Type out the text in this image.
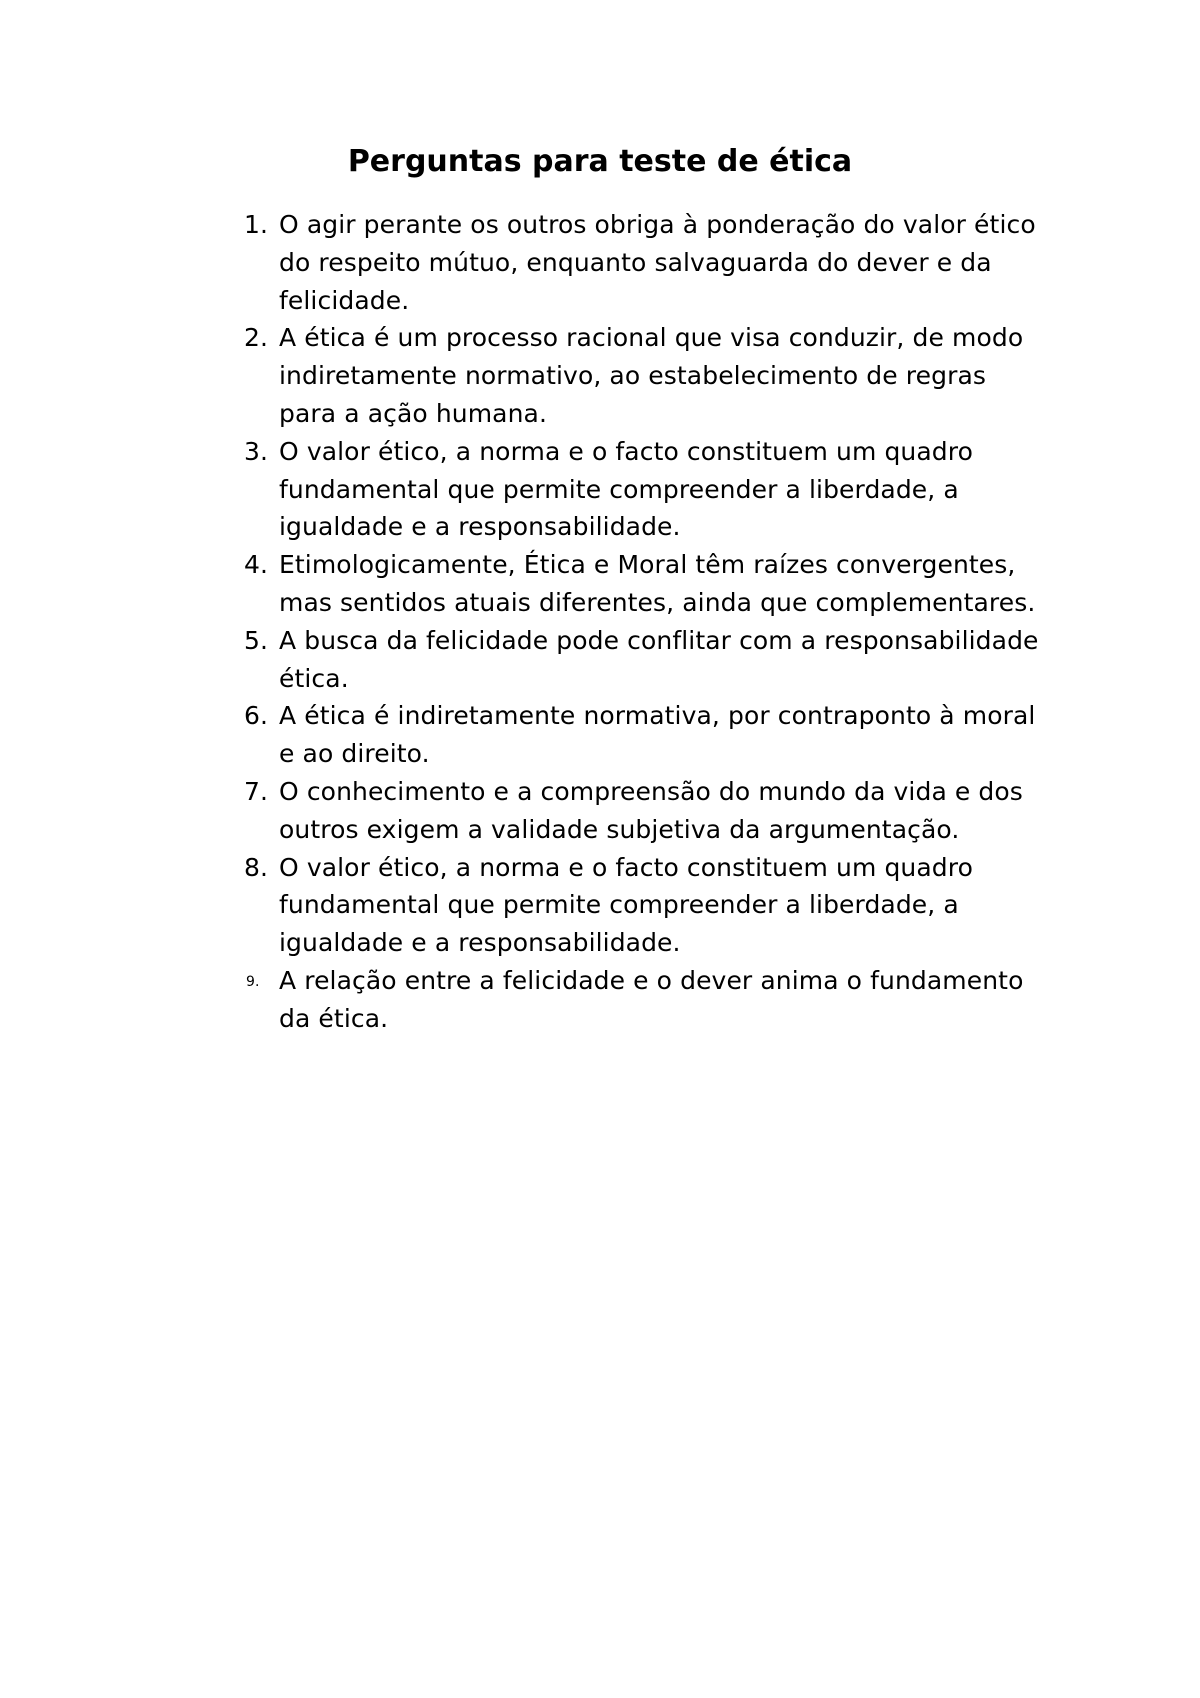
Perguntas para teste de ética
1. O agir perante os outros obriga à ponderação do valor ético do respeito mútuo, enquanto salvaguarda do dever e da felicidade.
2. A ética é um processo racional que visa conduzir, de modo indiretamente normativo, ao estabelecimento de regras para a ação humana.
3. O valor ético, a norma e o facto constituem um quadro fundamental que permite compreender a liberdade, a igualdade e a responsabilidade.
4. Etimologicamente, Ética e Moral têm raízes convergentes, mas sentidos atuais diferentes, ainda que complementares.
5. A busca da felicidade pode conflitar com a responsabilidade ética.
6. A ética é indiretamente normativa, por contraponto à moral e ao direito.
7. O conhecimento e a compreensão do mundo da vida e dos outros exigem a validade subjetiva da argumentação.
8. O valor ético, a norma e o facto constituem um quadro fundamental que permite compreender a liberdade, a igualdade e a responsabilidade.
9. A relação entre a felicidade e o dever anima o fundamento da ética.
